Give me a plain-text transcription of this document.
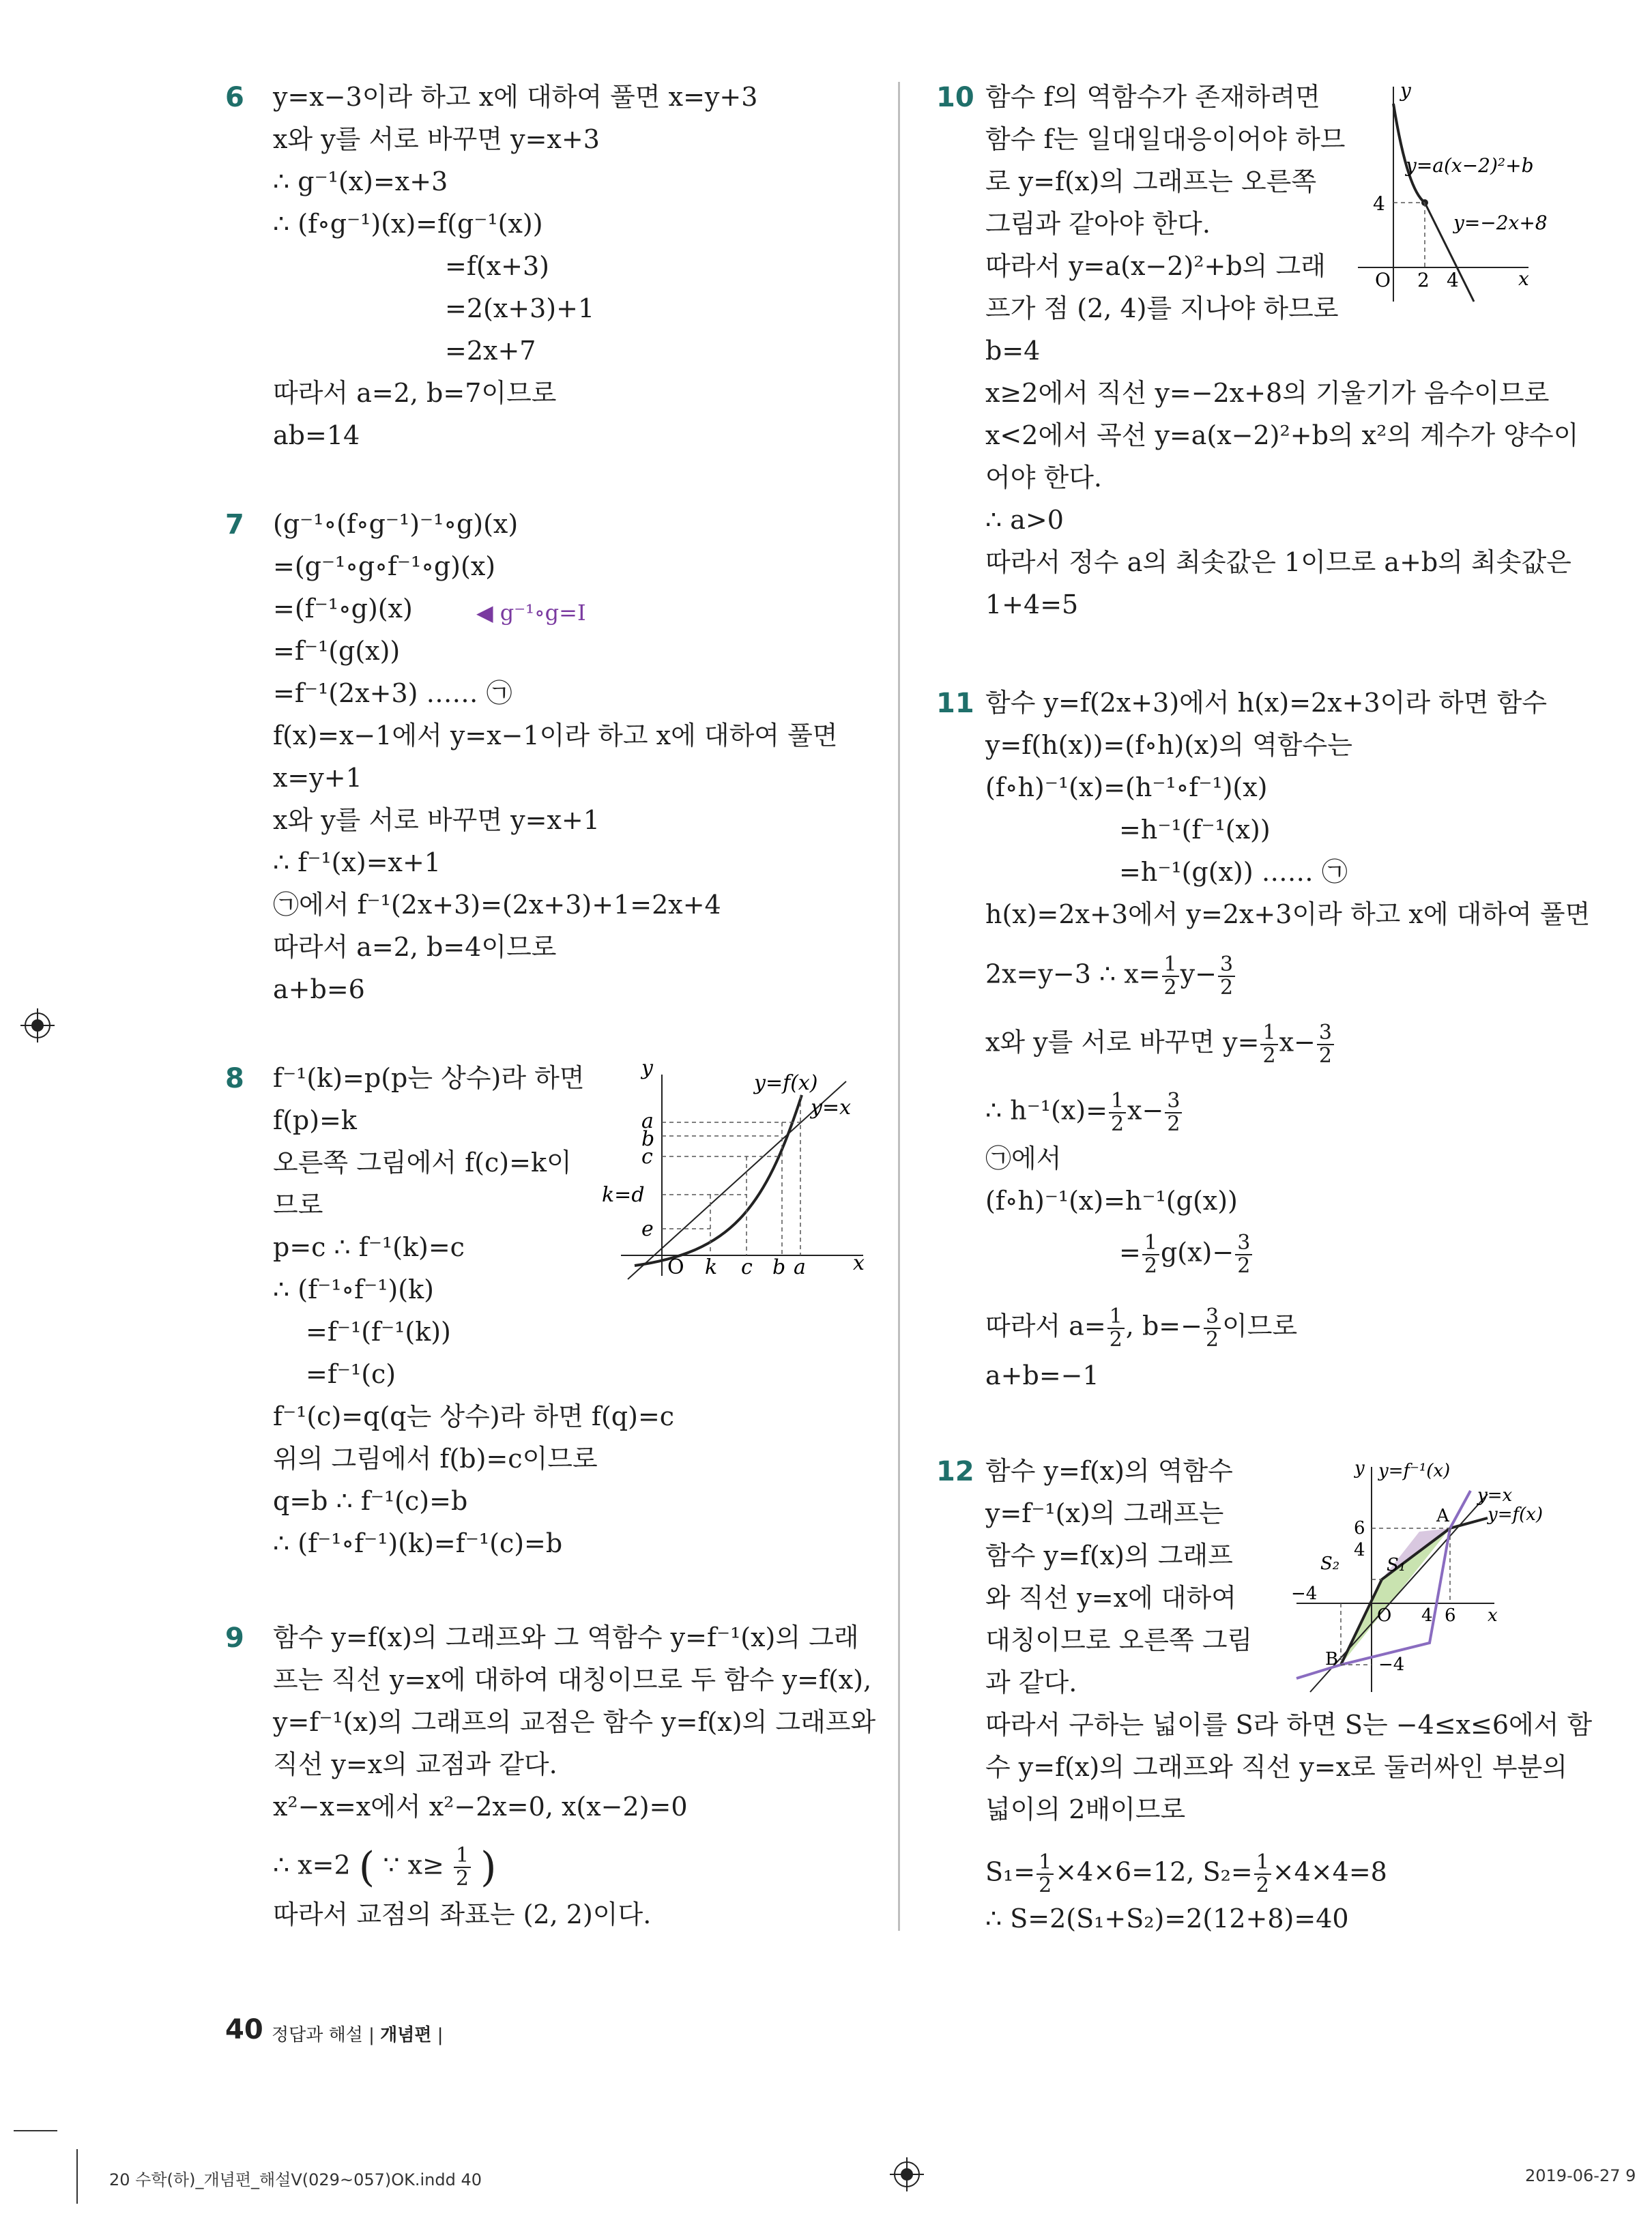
6 y=x−3이라 하고 x에 대하여 풀면 x=y+3
x와 y를 서로 바꾸면 y=x+3
∴ g⁻¹(x)=x+3
∴ (f∘g⁻¹)(x)=f(g⁻¹(x))
=f(x+3)
=2(x+3)+1
=2x+7
따라서 a=2, b=7이므로
ab=14
7 (g⁻¹∘(f∘g⁻¹)⁻¹∘g)(x)
=(g⁻¹∘g∘f⁻¹∘g)(x)
=(f⁻¹∘g)(x)	◀ g⁻¹∘g=I
=f⁻¹(g(x))
=f⁻¹(2x+3) …… ㉠
f(x)=x−1에서 y=x−1이라 하고 x에 대하여 풀면
x=y+1
x와 y를 서로 바꾸면 y=x+1
∴ f⁻¹(x)=x+1
㉠에서 f⁻¹(2x+3)=(2x+3)+1=2x+4
따라서 a=2, b=4이므로
a+b=6
8 f⁻¹(k)=p(p는 상수)라 하면
f(p)=k
오른쪽 그림에서 f(c)=k이
므로
p=c ∴ f⁻¹(k)=c
∴ (f⁻¹∘f⁻¹)(k)
=f⁻¹(f⁻¹(k))
=f⁻¹(c)
f⁻¹(c)=q(q는 상수)라 하면 f(q)=c
위의 그림에서 f(b)=c이므로
q=b ∴ f⁻¹(c)=b
∴ (f⁻¹∘f⁻¹)(k)=f⁻¹(c)=b
y
x
O
y=f(x)
y=x
a
b
c
k=d
e
k c b a
9 함수 y=f(x)의 그래프와 그 역함수 y=f⁻¹(x)의 그래
프는 직선 y=x에 대하여 대칭이므로 두 함수 y=f(x),
y=f⁻¹(x)의 그래프의 교점은 함수 y=f(x)의 그래프와
직선 y=x의 교점과 같다.
x²−x=x에서 x²−2x=0, x(x−2)=0
∴ x=2 ( ∵ $x\ge \frac{1}{2}$ )
따라서 교점의 좌표는 (2, 2)이다.
10 함수 f의 역함수가 존재하려면
함수 f는 일대일대응이어야 하므
로 y=f(x)의 그래프는 오른쪽
그림과 같아야 한다.
따라서 y=a(x−2)²+b의 그래
프가 점 (2, 4)를 지나야 하므로
b=4
x≥2에서 직선 y=−2x+8의 기울기가 음수이므로
x<2에서 곡선 y=a(x−2)²+b의 x²의 계수가 양수이
어야 한다.
∴ a>0
따라서 정수 a의 최솟값은 1이므로 a+b의 최솟값은
1+4=5
y
x
O
4
2 4
y=a(x−2)²+b
y=−2x+8
11 함수 y=f(2x+3)에서 h(x)=2x+3이라 하면 함수
y=f(h(x))=(f∘h)(x)의 역함수는
(f∘h)⁻¹(x)=(h⁻¹∘f⁻¹)(x)
=h⁻¹(f⁻¹(x))
=h⁻¹(g(x)) …… ㉠
h(x)=2x+3에서 y=2x+3이라 하고 x에 대하여 풀면
2x=y−3 ∴ $x= \frac{1}{2} y- \frac{3}{2}$
x와 y를 서로 바꾸면 $y= \frac{1}{2} x- \frac{3}{2}$
∴ $h^{-1}(x)= \frac{1}{2} x- \frac{3}{2}$
㉠에서
(f∘h)⁻¹(x)=h⁻¹(g(x))
= $\frac{1}{2} g(x)- \frac{3}{2}$
따라서 $a= \frac{1}{2}$ , $b=- \frac{3}{2}$ 이므로
a+b=−1
12 함수 y=f(x)의 역함수
y=f⁻¹(x)의 그래프는
함수 y=f(x)의 그래프
와 직선 y=x에 대하여
대칭이므로 오른쪽 그림
과 같다.
따라서 구하는 넓이를 S라 하면 S는 −4≤x≤6에서 함
수 y=f(x)의 그래프와 직선 y=x로 둘러싸인 부분의
넓이의 2배이므로
$S_1= \frac{1}{2} \times 4\times 6=12$, $S_2= \frac{1}{2} \times 4\times 4=8$
∴ S=2(S₁+S₂)=2(12+8)=40
y
x
O
y=f⁻¹(x)
y=x
y=f(x)
A
B
S₁
S₂
6
4
−4
−4
4 6
40 정답과 해설 | 개념편 |
20 수학(하)_개념편_해설Ⅴ(029~057)OK.indd 40	2019-06-27 9
